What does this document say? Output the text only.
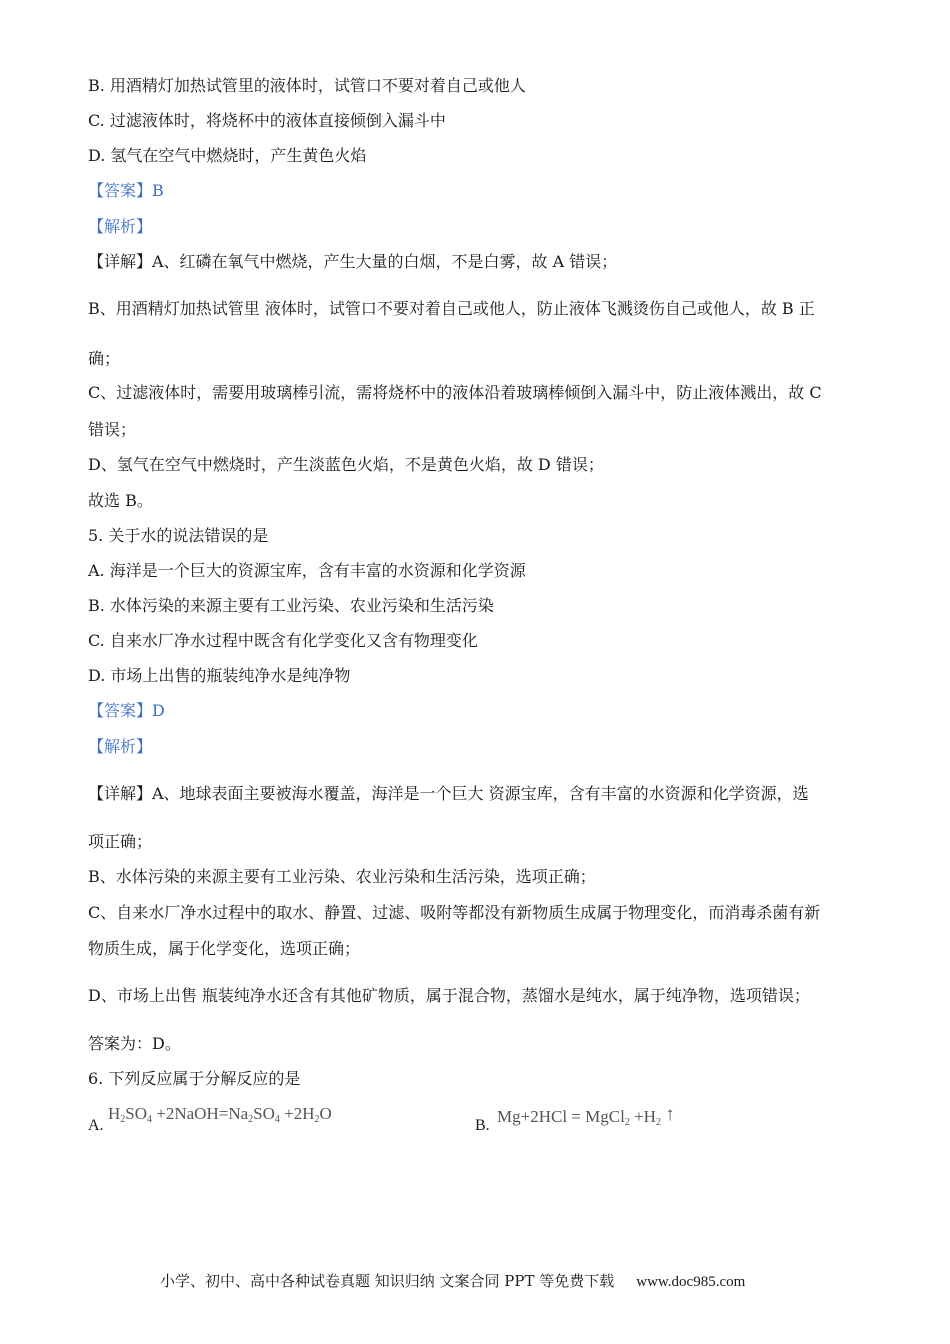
B. 用酒精灯加热试管里的液体时，试管口不要对着自己或他人
C. 过滤液体时，将烧杯中的液体直接倾倒入漏斗中
D. 氢气在空气中燃烧时，产生黄色火焰
【答案】B
【解析】
【详解】A、红磷在氧气中燃烧，产生大量的白烟，不是白雾，故 A 错误；
B、用酒精灯加热试管里 液体时，试管口不要对着自己或他人，防止液体飞溅烫伤自己或他人，故 B 正
确；
C、过滤液体时，需要用玻璃棒引流，需将烧杯中的液体沿着玻璃棒倾倒入漏斗中，防止液体溅出，故 C
错误；
D、氢气在空气中燃烧时，产生淡蓝色火焰，不是黄色火焰，故 D 错误；
故选 B。
5. 关于水的说法错误的是
A. 海洋是一个巨大的资源宝库，含有丰富的水资源和化学资源
B. 水体污染的来源主要有工业污染、农业污染和生活污染
C. 自来水厂净水过程中既含有化学变化又含有物理变化
D. 市场上出售的瓶装纯净水是纯净物
【答案】D
【解析】
【详解】A、地球表面主要被海水覆盖，海洋是一个巨大 资源宝库，含有丰富的水资源和化学资源，选
项正确；
B、水体污染的来源主要有工业污染、农业污染和生活污染，选项正确；
C、自来水厂净水过程中的取水、静置、过滤、吸附等都没有新物质生成属于物理变化，而消毒杀菌有新
物质生成，属于化学变化，选项正确；
D、市场上出售 瓶装纯净水还含有其他矿物质，属于混合物，蒸馏水是纯水，属于纯净物，选项错误；
答案为：D。
6. 下列反应属于分解反应的是
A.
$H_2SO_4$ $+2NaOH=Na_2SO_4 +2H_2O$
B. Mg+2HCl = MgCl$_2$ $+H_2$ ↑
小学、初中、高中各种试卷真题 知识归纳 文案合同 PPT 等免费下载 www.doc985.com
